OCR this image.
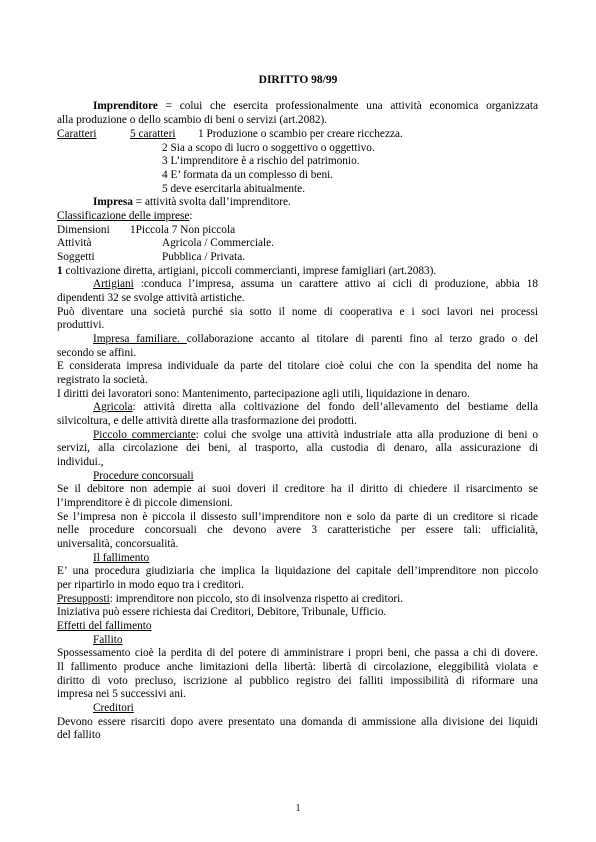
DIRITTO 98/99
Imprenditore = colui che esercita professionalmente una attività economica organizzata
alla produzione o dello scambio di beni o servizi (art.2082).
Caratteri	5 caratteri 1 Produzione o scambio per creare ricchezza.
2 Sia a scopo di lucro o soggettivo o oggettivo.
3 L’imprenditore è a rischio del patrimonio.
4 E’ formata da un complesso di beni.
5 deve esercitarla abitualmente.
Impresa = attività svolta dall’imprenditore.
Classificazione delle imprese:
Dimensioni 1Piccola 7 Non piccola
Attività	Agricola / Commerciale.
Soggetti	Pubblica / Privata.
1 coltivazione diretta, artigiani, piccoli commercianti, imprese famigliari (art.2083).
Artigiani :conduca l’impresa, assuma un carattere attivo ai cicli di produzione, abbia 18
dipendenti 32 se svolge attività artistiche.
Può diventare una società purché sia sotto il nome di cooperativa e i soci lavori nei processi
produttivi.
Impresa familiare. collaborazione accanto al titolare di parenti fino al terzo grado o del
secondo se affini.
E considerata impresa individuale da parte del titolare cioè colui che con la spendita del nome ha
registrato la società.
I diritti dei lavoratori sono: Mantenimento, partecipazione agli utili, liquidazione in denaro.
Agricola: attività diretta alla coltivazione del fondo dell’allevamento del bestiame della
silvicoltura, e delle attività dirette alla trasformazione dei prodotti.
Piccolo commerciante: colui che svolge una attività industriale atta alla produzione di beni o
servizi, alla circolazione dei beni, al trasporto, alla custodia di denaro, alla assicurazione di
individui.,
Procedure concorsuali
Se il debitore non adempie ai suoi doveri il creditore ha il diritto di chiedere il risarcimento se
l’imprenditore è di piccole dimensioni.
Se l’impresa non è piccola il dissesto sull’imprenditore non e solo da parte di un creditore si ricade
nelle procedure concorsuali che devono avere 3 caratteristiche per essere tali: ufficialità,
universalità, concorsualità.
Il fallimento
E’ una procedura giudiziaria che implica la liquidazione del capitale dell’imprenditore non piccolo
per ripartirlo in modo equo tra i creditori.
Presupposti: imprenditore non piccolo, sto di insolvenza rispetto ai creditori.
Iniziativa può essere richiesta dai Creditori, Debitore, Tribunale, Ufficio.
Effetti del fallimento
Fallito
Spossessamento cioè la perdita di del potere di amministrare i propri beni, che passa a chi di dovere.
Il fallimento produce anche limitazioni della libertà: libertà di circolazione, eleggibilità violata e
diritto di voto precluso, iscrizione al pubblico registro dei falliti impossibilità di riformare una
impresa nei 5 successivi ani.
Creditori
Devono essere risarciti dopo avere presentato una domanda di ammissione alla divisione dei liquidi
del fallito
1
